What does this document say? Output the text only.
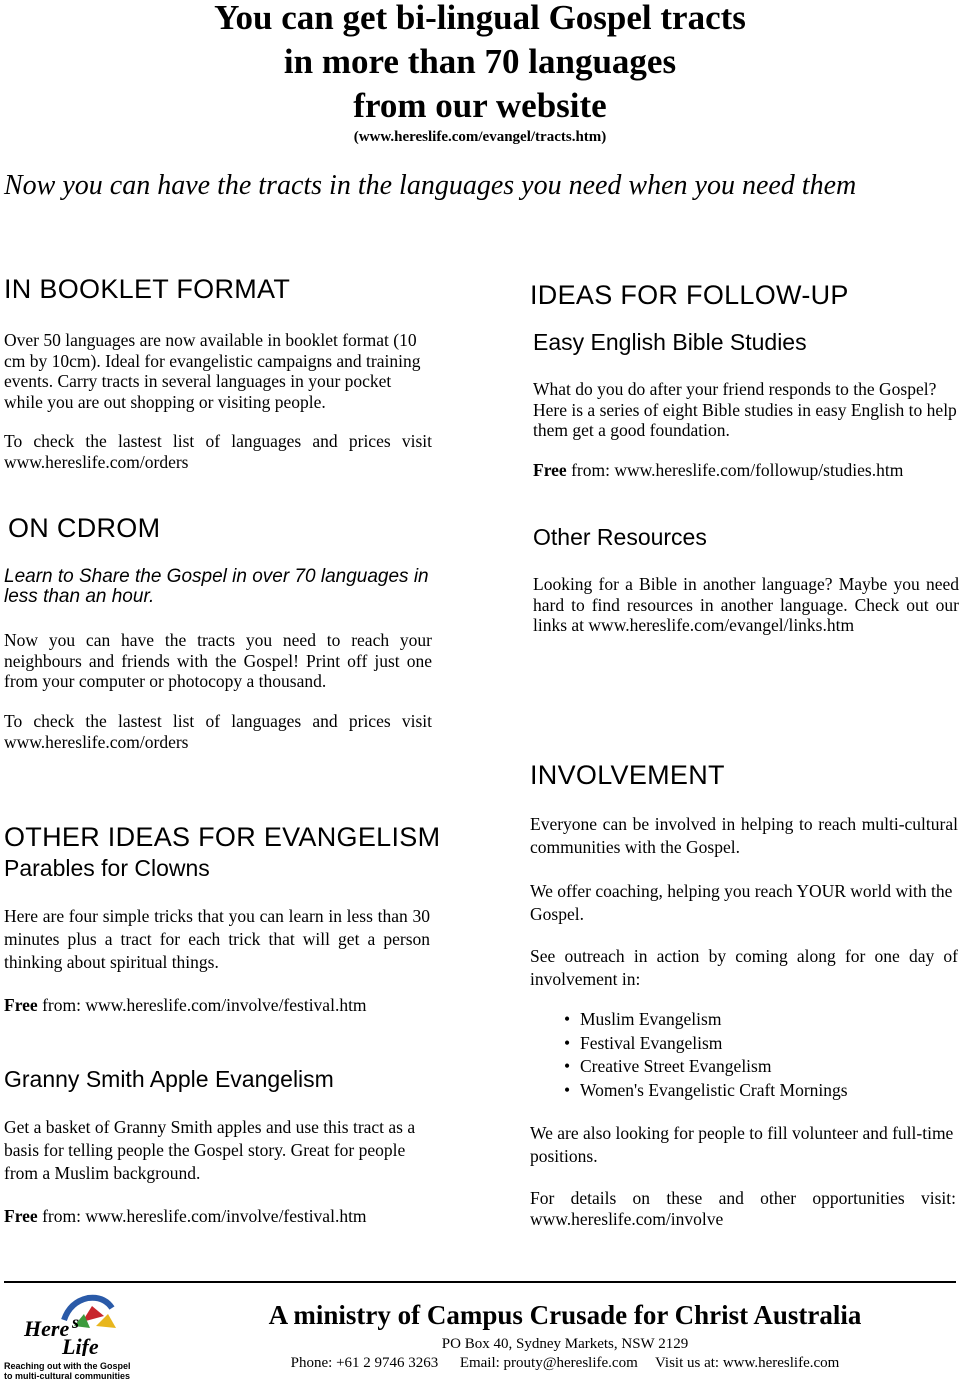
You can get bi-lingual Gospel tracts
in more than 70 languages
from our website
(www.hereslife.com/evangel/tracts.htm)
Now you can have the tracts in the languages you need when you need them
IN BOOKLET FORMAT
Over 50 languages are now available in booklet format (10 cm by 10cm). Ideal for evangelistic campaigns and training events. Carry tracts in several languages in your pocket while you are out shopping or visiting people.
To check the lastest list of languages and prices visit www.hereslife.com/orders
ON CDROM
Learn to Share the Gospel in over 70 languages in less than an hour.
Now you can have the tracts you need to reach your neighbours and friends with the Gospel! Print off just one from your computer or photocopy a thousand.
To check the lastest list of languages and prices visit www.hereslife.com/orders
OTHER IDEAS FOR EVANGELISM
Parables for Clowns
Here are four simple tricks that you can learn in less than 30 minutes plus a tract for each trick that will get a person thinking about spiritual things.
Free from: www.hereslife.com/involve/festival.htm
Granny Smith Apple Evangelism
Get a basket of Granny Smith apples and use this tract as a basis for telling people the Gospel story. Great for people from a Muslim background.
Free from: www.hereslife.com/involve/festival.htm
IDEAS FOR FOLLOW-UP
Easy English Bible Studies
What do you do after your friend responds to the Gospel? Here is a series of eight Bible studies in easy English to help them get a good foundation.
Free from: www.hereslife.com/followup/studies.htm
Other Resources
Looking for a Bible in another language? Maybe you need hard to find resources in another language. Check out our links at www.hereslife.com/evangel/links.htm
INVOLVEMENT
Everyone can be involved in helping to reach multi-cultural communities with the Gospel.
We offer coaching, helping you reach YOUR world with the Gospel.
See outreach in action by coming along for one day of involvement in:
• Muslim Evangelism
• Festival Evangelism
• Creative Street Evangelism
• Women's Evangelistic Craft Mornings
We are also looking for people to fill volunteer and full-time positions.
For details on these and other opportunities visit: www.hereslife.com/involve
Here s
Life
Reaching out with the Gospel
to multi-cultural communities
A ministry of Campus Crusade for Christ Australia
PO Box 40, Sydney Markets, NSW 2129
Phone: +61 2 9746 3263 Email: prouty@hereslife.com Visit us at: www.hereslife.com
